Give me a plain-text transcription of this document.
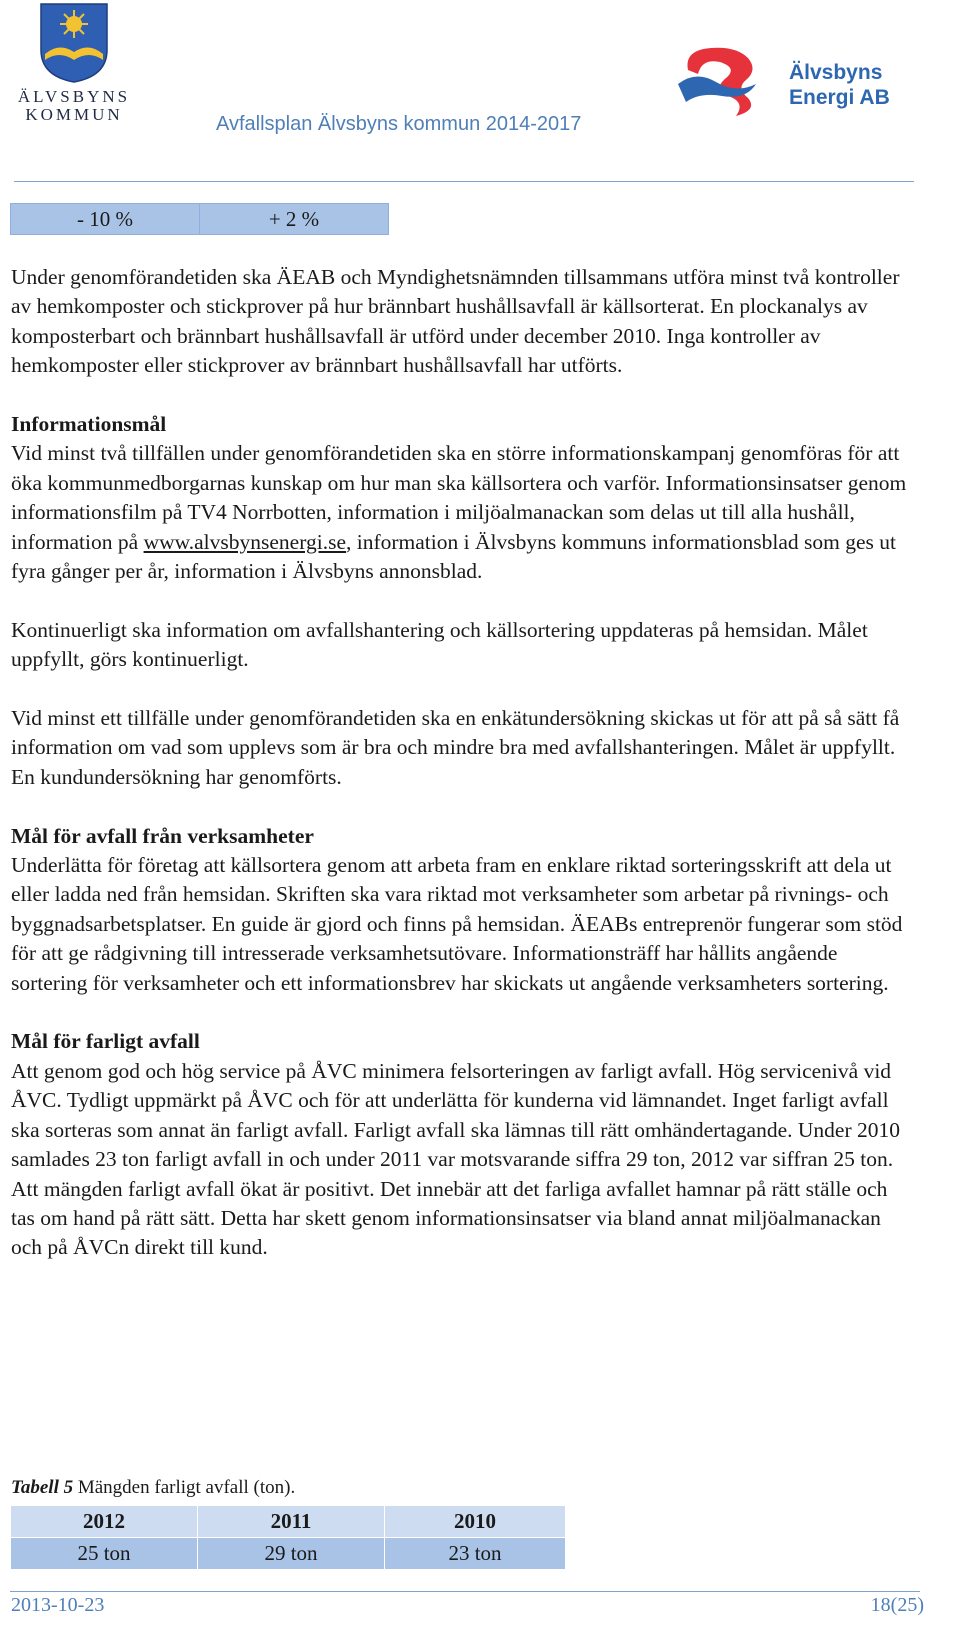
ÄLVSBYNS
KOMMUN	Avfallsplan Älvsbyns kommun 2014-2017
Älvsbyns
Energi AB
- 10 %	+ 2 %

Under genomförandetiden ska ÄEAB och Myndighetsnämnden tillsammans utföra minst två kontroller av hemkomposter och stickprover på hur brännbart hushållsavfall är källsorterat. En plockanalys av komposterbart och brännbart hushållsavfall är utförd under december 2010. Inga kontroller av hemkomposter eller stickprover av brännbart hushållsavfall har utförts.

Informationsmål

Vid minst två tillfällen under genomförandetiden ska en större informationskampanj genomföras för att öka kommunmedborgarnas kunskap om hur man ska källsortera och varför. Informationsinsatser genom informationsfilm på TV4 Norrbotten, information i miljöalmanackan som delas ut till alla hushåll, information på www.alvsbynsenergi.se, information i Älvsbyns kommuns informationsblad som ges ut fyra gånger per år, information i Älvsbyns annonsblad.

Kontinuerligt ska information om avfallshantering och källsortering uppdateras på hemsidan. Målet uppfyllt, görs kontinuerligt.

Vid minst ett tillfälle under genomförandetiden ska en enkätundersökning skickas ut för att på så sätt få information om vad som upplevs som är bra och mindre bra med avfallshanteringen. Målet är uppfyllt. En kundundersökning har genomförts.

Mål för avfall från verksamheter

Underlätta för företag att källsortera genom att arbeta fram en enklare riktad sorteringsskrift att dela ut eller ladda ned från hemsidan. Skriften ska vara riktad mot verksamheter som arbetar på rivnings- och byggnadsarbetsplatser. En guide är gjord och finns på hemsidan. ÄEABs entreprenör fungerar som stöd för att ge rådgivning till intresserade verksamhetsutövare. Informationsträff har hållits angående sortering för verksamheter och ett informationsbrev har skickats ut angående verksamheters sortering.

Mål för farligt avfall

Att genom god och hög service på ÅVC minimera felsorteringen av farligt avfall. Hög servicenivå vid ÅVC. Tydligt uppmärkt på ÅVC och för att underlätta för kunderna vid lämnandet. Inget farligt avfall ska sorteras som annat än farligt avfall. Farligt avfall ska lämnas till rätt omhändertagande. Under 2010 samlades 23 ton farligt avfall in och under 2011 var motsvarande siffra 29 ton, 2012 var siffran 25 ton. Att mängden farligt avfall ökat är positivt. Det innebär att det farliga avfallet hamnar på rätt ställe och tas om hand på rätt sätt. Detta har skett genom informationsinsatser via bland annat miljöalmanackan och på ÅVCn direkt till kund.

Tabell 5 Mängden farligt avfall (ton).
2012	2011	2010
25 ton	29 ton	23 ton
2013-10-23	18(25)
